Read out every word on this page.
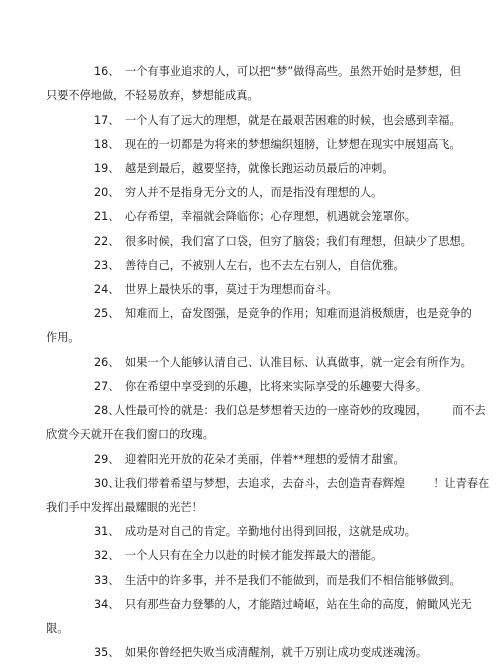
16、 一个有事业追求的人，可以把“梦”做得高些。虽然开始时是梦想，但
只要不停地做，不轻易放弃，梦想能成真。
17、 一个人有了远大的理想，就是在最艰苦困难的时候，也会感到幸福。
18、 现在的一切都是为将来的梦想编织翅膀，让梦想在现实中展翅高飞。
19、 越是到最后，越要坚持，就像长跑运动员最后的冲刺。
20、 穷人并不是指身无分文的人，而是指没有理想的人。
21、 心存希望，幸福就会降临你；心存理想，机遇就会笼罩你。
22、 很多时候，我们富了口袋，但穷了脑袋；我们有理想，但缺少了思想。
23、 善待自己，不被别人左右，也不去左右别人，自信优雅。
24、 世界上最快乐的事，莫过于为理想而奋斗。
25、 知难而上，奋发图强，是竞争的作用；知难而退消极颓唐，也是竞争的
作用。
26、 如果一个人能够认清自己、认准目标、认真做事，就一定会有所作为。
27、 你在希望中享受到的乐趣，比将来实际享受的乐趣要大得多。
28、人性最可怜的就是：我们总是梦想着天边的一座奇妙的玫瑰园，       而不去
欣赏今天就开在我们窗口的玫瑰。
29、 迎着阳光开放的花朵才美丽，伴着**理想的爱情才甜蜜。
30、让我们带着希望与梦想，去追求，去奋斗，去创造青春辉煌        ！让青春在
我们手中发挥出最耀眼的光芒！
31、 成功是对自己的肯定。辛勤地付出得到回报，这就是成功。
32、 一个人只有在全力以赴的时候才能发挥最大的潜能。
33、 生活中的许多事，并不是我们不能做到，而是我们不相信能够做到。
34、 只有那些奋力登攀的人，才能踏过崎岖，站在生命的高度，俯瞰风光无
限。
35、 如果你曾经把失败当成清醒剂，就千万别让成功变成迷魂汤。
